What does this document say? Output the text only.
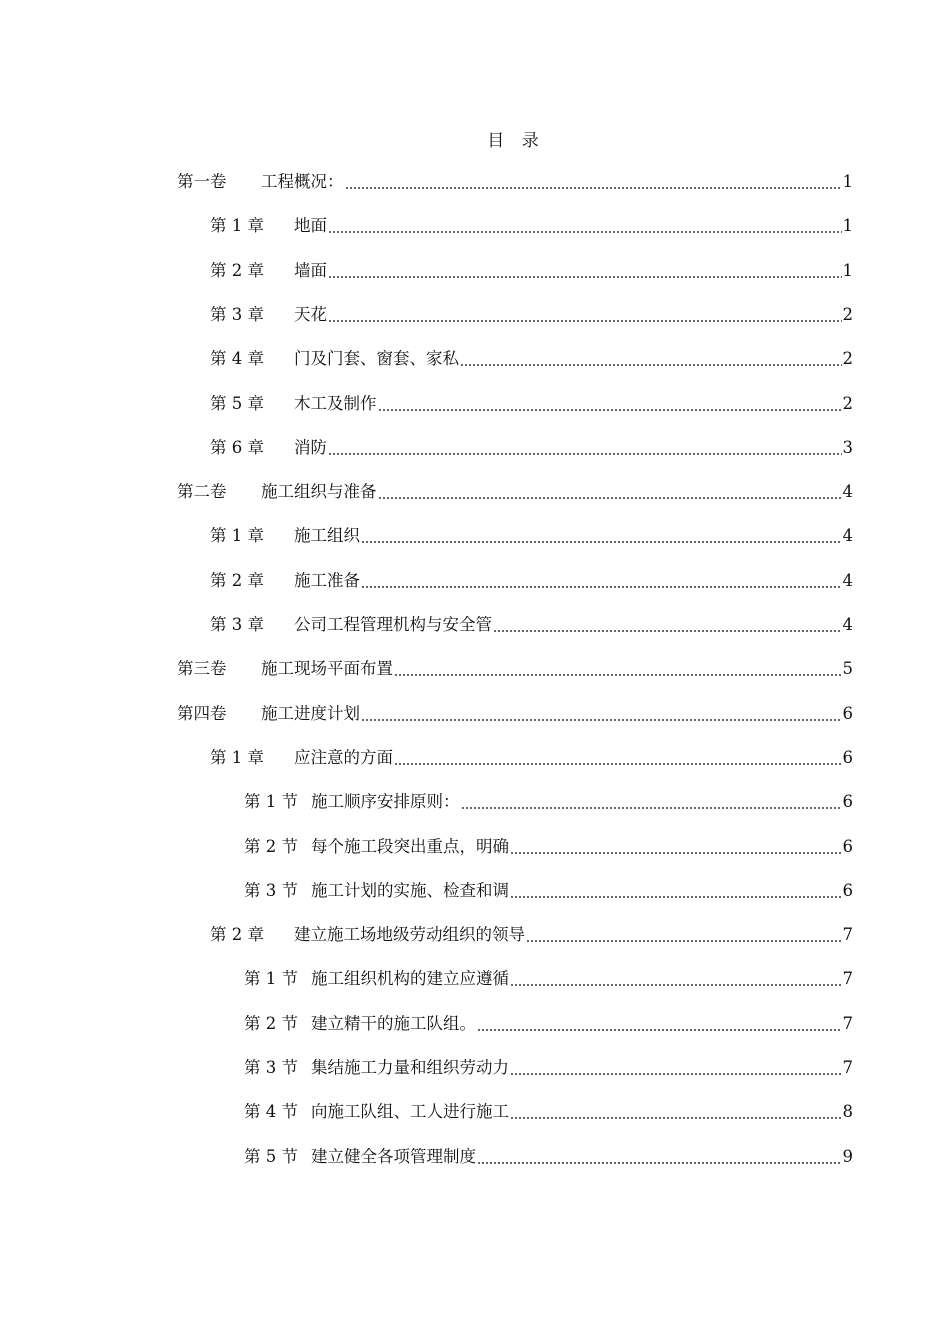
目 录
第一卷	工程概况：	1
第 1 章	地面	1
第 2 章	墙面	1
第 3 章	天花	2
第 4 章	门及门套、窗套、家私	2
第 5 章	木工及制作	2
第 6 章	消防	3
第二卷	施工组织与准备	4
第 1 章	施工组织	4
第 2 章	施工准备	4
第 3 章	公司工程管理机构与安全管	4
第三卷	施工现场平面布置	5
第四卷	施工进度计划	6
第 1 章	应注意的方面	6
第 1 节 施工顺序安排原则：	6
第 2 节 每个施工段突出重点，明确	6
第 3 节 施工计划的实施、检查和调	6
第 2 章	建立施工场地级劳动组织的领导	7
第 1 节 施工组织机构的建立应遵循	7
第 2 节 建立精干的施工队组。	7
第 3 节 集结施工力量和组织劳动力	7
第 4 节 向施工队组、工人进行施工	8
第 5 节 建立健全各项管理制度	9
